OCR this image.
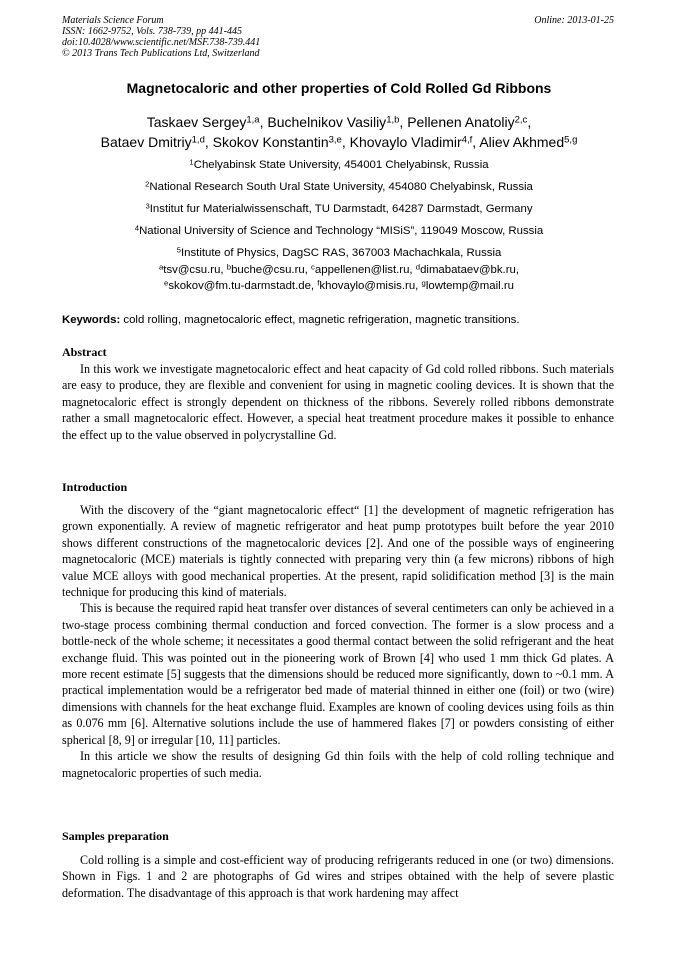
Materials Science Forum
ISSN: 1662-9752, Vols. 738-739, pp 441-445
doi:10.4028/www.scientific.net/MSF.738-739.441
© 2013 Trans Tech Publications Ltd, Switzerland
Online: 2013-01-25
Magnetocaloric and other properties of Cold Rolled Gd Ribbons
Taskaev Sergey$^{1,a}$, Buchelnikov Vasiliy$^{1,b}$, Pellenen Anatoliy$^{2,c}$,
Bataev Dmitriy$^{1,d}$, Skokov Konstantin$^{3,e}$, Khovaylo Vladimir$^{4,f}$, Aliev Akhmed$^{5,g}$
$^1$Chelyabinsk State University, 454001 Chelyabinsk, Russia
$^2$National Research South Ural State University, 454080 Chelyabinsk, Russia
$^3$Institut fur Materialwissenschaft, TU Darmstadt, 64287 Darmstadt, Germany
$^4$National University of Science and Technology “MISiS”, 119049 Moscow, Russia
$^5$Institute of Physics, DagSC RAS, 367003 Machachkala, Russia
$^a$tsv@csu.ru, $^b$buche@csu.ru, $^c$appellenen@list.ru, $^d$dimabataev@bk.ru,
$^e$skokov@fm.tu-darmstadt.de, $^f$khovaylo@misis.ru, $^g$lowtemp@mail.ru
Keywords: cold rolling, magnetocaloric effect, magnetic refrigeration, magnetic transitions.
Abstract

In this work we investigate magnetocaloric effect and heat capacity of Gd cold rolled ribbons. Such materials are easy to produce, they are flexible and convenient for using in magnetic cooling devices. It is shown that the magnetocaloric effect is strongly dependent on thickness of the ribbons. Severely rolled ribbons demonstrate rather a small magnetocaloric effect. However, a special heat treatment procedure makes it possible to enhance the effect up to the value observed in polycrystalline Gd.

Introduction

With the discovery of the “giant magnetocaloric effect“ [1] the development of magnetic refrigeration has grown exponentially. A review of magnetic refrigerator and heat pump prototypes built before the year 2010 shows different constructions of the magnetocaloric devices [2]. And one of the possible ways of engineering magnetocaloric (MCE) materials is tightly connected with preparing very thin (a few microns) ribbons of high value MCE alloys with good mechanical properties. At the present, rapid solidification method [3] is the main technique for producing this kind of materials.

This is because the required rapid heat transfer over distances of several centimeters can only be achieved in a two-stage process combining thermal conduction and forced convection. The former is a slow process and a bottle-neck of the whole scheme; it necessitates a good thermal contact between the solid refrigerant and the heat exchange fluid. This was pointed out in the pioneering work of Brown [4] who used 1 mm thick Gd plates. A more recent estimate [5] suggests that the dimensions should be reduced more significantly, down to ~0.1 mm. A practical implementation would be a refrigerator bed made of material thinned in either one (foil) or two (wire) dimensions with channels for the heat exchange fluid. Examples are known of cooling devices using foils as thin as 0.076 mm [6]. Alternative solutions include the use of hammered flakes [7] or powders consisting of either spherical [8, 9] or irregular [10, 11] particles.

In this article we show the results of designing Gd thin foils with the help of cold rolling technique and magnetocaloric properties of such media.

Samples preparation

Cold rolling is a simple and cost-efficient way of producing refrigerants reduced in one (or two) dimensions. Shown in Figs. 1 and 2 are photographs of Gd wires and stripes obtained with the help of severe plastic deformation. The disadvantage of this approach is that work hardening may affect
